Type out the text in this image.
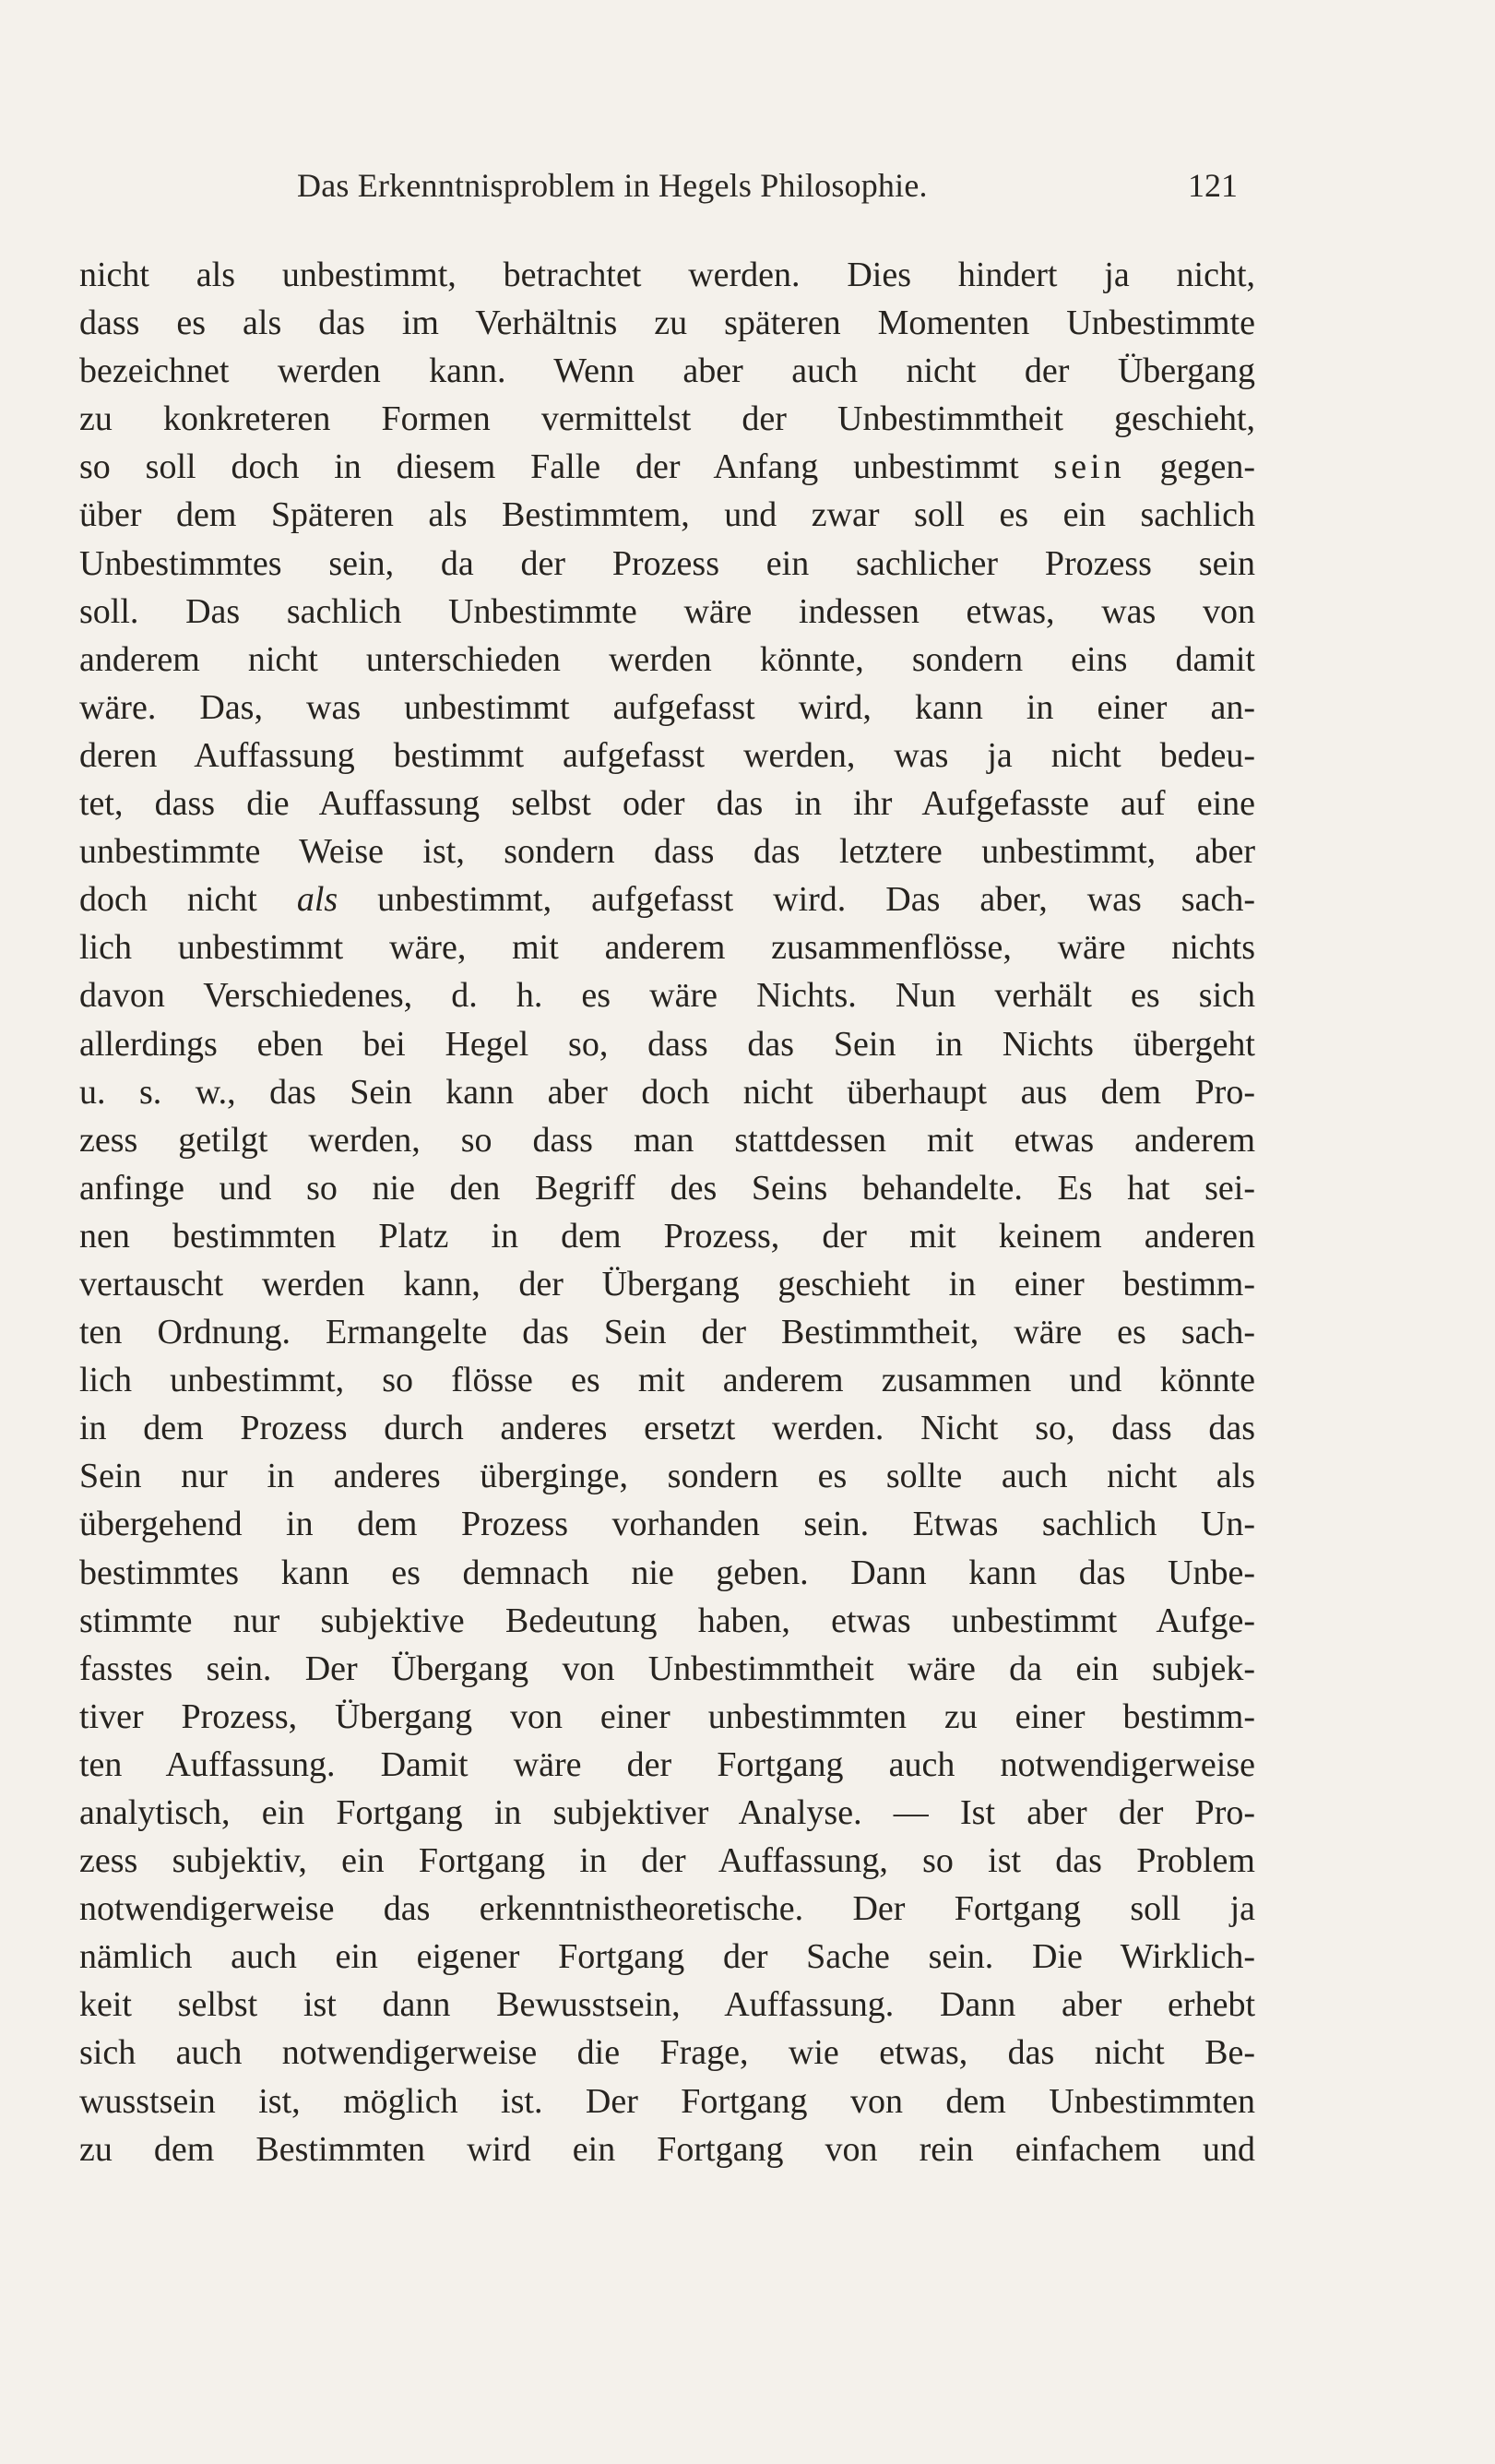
Das Erkenntnisproblem in Hegels Philosophie.	121
nicht als unbestimmt, betrachtet werden. Dies hindert ja nicht,
dass es als das im Verhältnis zu späteren Momenten Unbestimmte
bezeichnet werden kann. Wenn aber auch nicht der Übergang
zu konkreteren Formen vermittelst der Unbestimmtheit geschieht,
so soll doch in diesem Falle der Anfang unbestimmt sein gegen-
über dem Späteren als Bestimmtem, und zwar soll es ein sachlich
Unbestimmtes sein, da der Prozess ein sachlicher Prozess sein
soll. Das sachlich Unbestimmte wäre indessen etwas, was von
anderem nicht unterschieden werden könnte, sondern eins damit
wäre. Das, was unbestimmt aufgefasst wird, kann in einer an-
deren Auffassung bestimmt aufgefasst werden, was ja nicht bedeu-
tet, dass die Auffassung selbst oder das in ihr Aufgefasste auf eine
unbestimmte Weise ist, sondern dass das letztere unbestimmt, aber
doch nicht als unbestimmt, aufgefasst wird. Das aber, was sach-
lich unbestimmt wäre, mit anderem zusammenflösse, wäre nichts
davon Verschiedenes, d. h. es wäre Nichts. Nun verhält es sich
allerdings eben bei Hegel so, dass das Sein in Nichts übergeht
u. s. w., das Sein kann aber doch nicht überhaupt aus dem Pro-
zess getilgt werden, so dass man stattdessen mit etwas anderem
anfinge und so nie den Begriff des Seins behandelte. Es hat sei-
nen bestimmten Platz in dem Prozess, der mit keinem anderen
vertauscht werden kann, der Übergang geschieht in einer bestimm-
ten Ordnung. Ermangelte das Sein der Bestimmtheit, wäre es sach-
lich unbestimmt, so flösse es mit anderem zusammen und könnte
in dem Prozess durch anderes ersetzt werden. Nicht so, dass das
Sein nur in anderes überginge, sondern es sollte auch nicht als
übergehend in dem Prozess vorhanden sein. Etwas sachlich Un-
bestimmtes kann es demnach nie geben. Dann kann das Unbe-
stimmte nur subjektive Bedeutung haben, etwas unbestimmt Aufge-
fasstes sein. Der Übergang von Unbestimmtheit wäre da ein subjek-
tiver Prozess, Übergang von einer unbestimmten zu einer bestimm-
ten Auffassung. Damit wäre der Fortgang auch notwendigerweise
analytisch, ein Fortgang in subjektiver Analyse. — Ist aber der Pro-
zess subjektiv, ein Fortgang in der Auffassung, so ist das Problem
notwendigerweise das erkenntnistheoretische. Der Fortgang soll ja
nämlich auch ein eigener Fortgang der Sache sein. Die Wirklich-
keit selbst ist dann Bewusstsein, Auffassung. Dann aber erhebt
sich auch notwendigerweise die Frage, wie etwas, das nicht Be-
wusstsein ist, möglich ist. Der Fortgang von dem Unbestimmten
zu dem Bestimmten wird ein Fortgang von rein einfachem und
